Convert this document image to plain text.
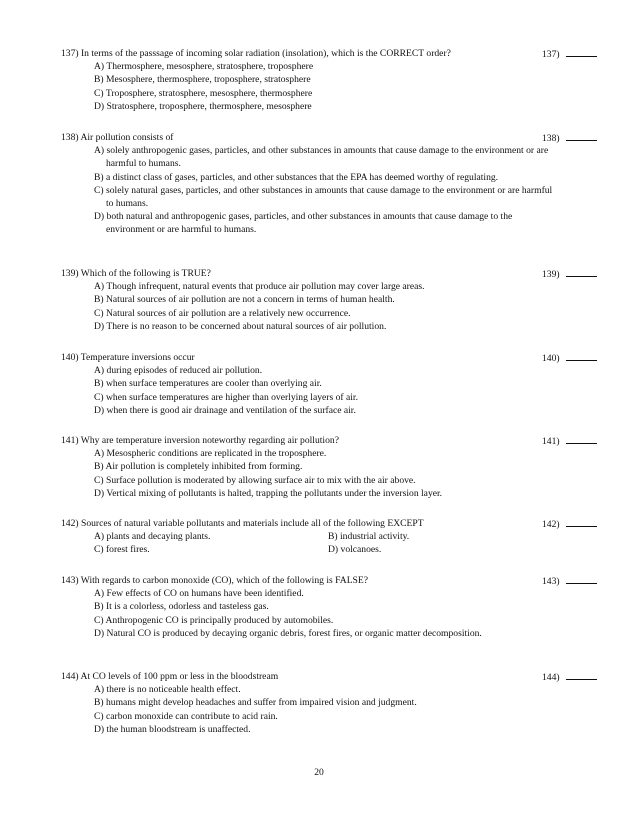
137) In terms of the passsage of incoming solar radiation (insolation), which is the CORRECT order?	137)
A) Thermosphere, mesosphere, stratosphere, troposphere
B) Mesosphere, thermosphere, troposphere, stratosphere
C) Troposphere, stratosphere, mesosphere, thermosphere
D) Stratosphere, troposphere, thermosphere, mesosphere
138) Air pollution consists of	138)
A) solely anthropogenic gases, particles, and other substances in amounts that cause damage to the environment or are harmful to humans.
B) a distinct class of gases, particles, and other substances that the EPA has deemed worthy of regulating.
C) solely natural gases, particles, and other substances in amounts that cause damage to the environment or are harmful to humans.
D) both natural and anthropogenic gases, particles, and other substances in amounts that cause damage to the environment or are harmful to humans.
139) Which of the following is TRUE?	139)
A) Though infrequent, natural events that produce air pollution may cover large areas.
B) Natural sources of air pollution are not a concern in terms of human health.
C) Natural sources of air pollution are a relatively new occurrence.
D) There is no reason to be concerned about natural sources of air pollution.
140) Temperature inversions occur	140)
A) during episodes of reduced air pollution.
B) when surface temperatures are cooler than overlying air.
C) when surface temperatures are higher than overlying layers of air.
D) when there is good air drainage and ventilation of the surface air.
141) Why are temperature inversion noteworthy regarding air pollution?	141)
A) Mesospheric conditions are replicated in the troposphere.
B) Air pollution is completely inhibited from forming.
C) Surface pollution is moderated by allowing surface air to mix with the air above.
D) Vertical mixing of pollutants is halted, trapping the pollutants under the inversion layer.
142) Sources of natural variable pollutants and materials include all of the following EXCEPT	142)
A) plants and decaying plants.	B) industrial activity.
C) forest fires.	D) volcanoes.
143) With regards to carbon monoxide (CO), which of the following is FALSE?	143)
A) Few effects of CO on humans have been identified.
B) It is a colorless, odorless and tasteless gas.
C) Anthropogenic CO is principally produced by automobiles.
D) Natural CO is produced by decaying organic debris, forest fires, or organic matter decomposition.
144) At CO levels of 100 ppm or less in the bloodstream	144)
A) there is no noticeable health effect.
B) humans might develop headaches and suffer from impaired vision and judgment.
C) carbon monoxide can contribute to acid rain.
D) the human bloodstream is unaffected.
20
